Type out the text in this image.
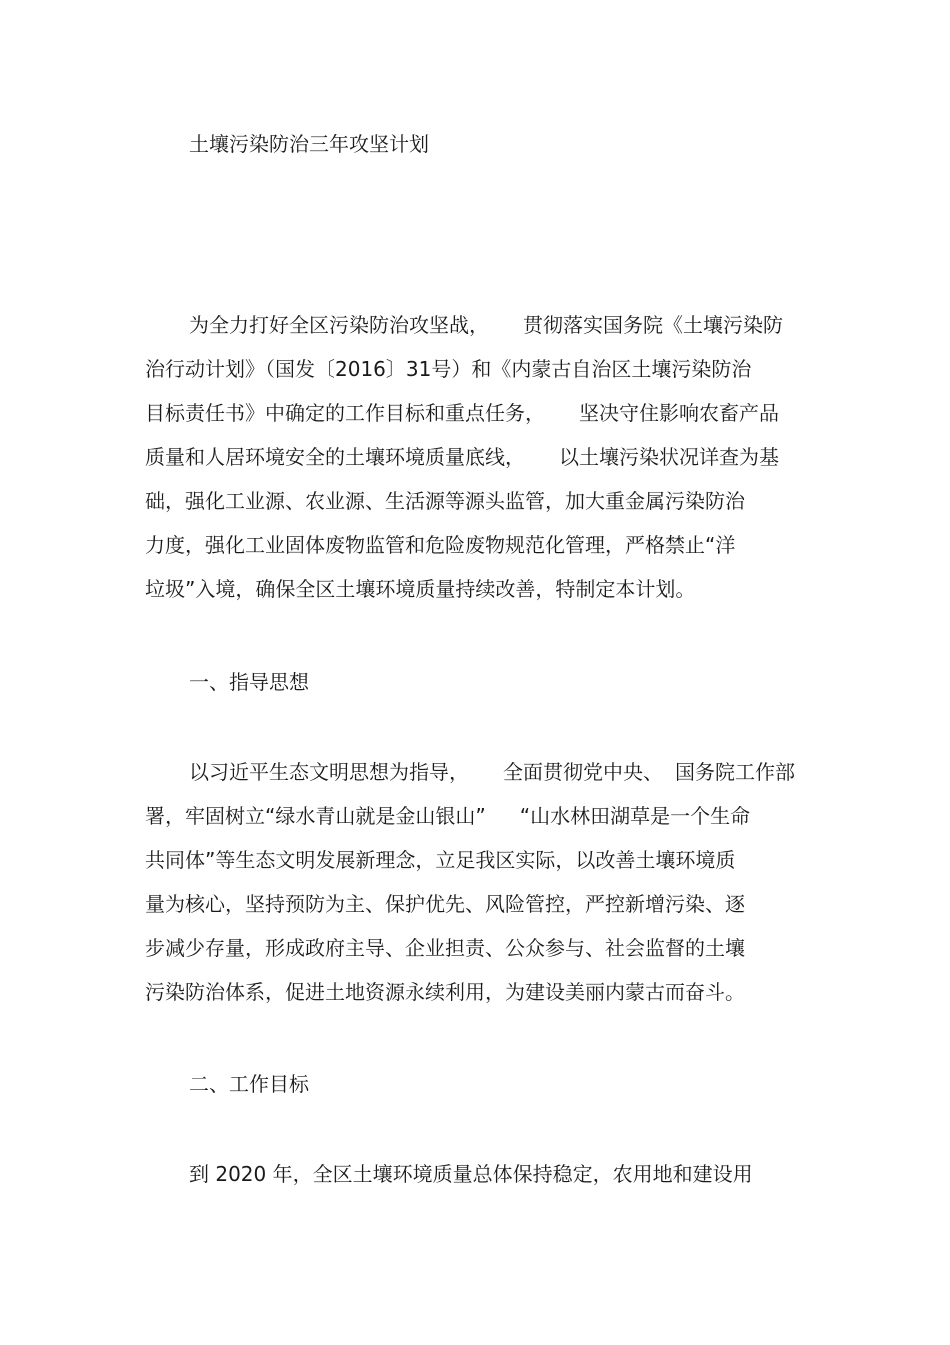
土壤污染防治三年攻坚计划
为全力打好全区污染防治攻坚战， 贯彻落实国务院《土壤污染防
治行动计划》（国发〔2016〕31号）和《内蒙古自治区土壤污染防治
目标责任书》中确定的工作目标和重点任务， 坚决守住影响农畜产品
质量和人居环境安全的土壤环境质量底线， 以土壤污染状况详查为基
础，强化工业源、农业源、生活源等源头监管，加大重金属污染防治
力度，强化工业固体废物监管和危险废物规范化管理，严格禁止“洋
垃圾”入境，确保全区土壤环境质量持续改善，特制定本计划。
一、指导思想
以习近平生态文明思想为指导， 全面贯彻党中央、 国务院工作部
署，牢固树立“绿水青山就是金山银山” “山水林田湖草是一个生命
共同体”等生态文明发展新理念，立足我区实际，以改善土壤环境质
量为核心，坚持预防为主、保护优先、风险管控，严控新增污染、逐
步减少存量，形成政府主导、企业担责、公众参与、社会监督的土壤
污染防治体系，促进土地资源永续利用，为建设美丽内蒙古而奋斗。
二、工作目标
到 2020 年，全区土壤环境质量总体保持稳定，农用地和建设用
